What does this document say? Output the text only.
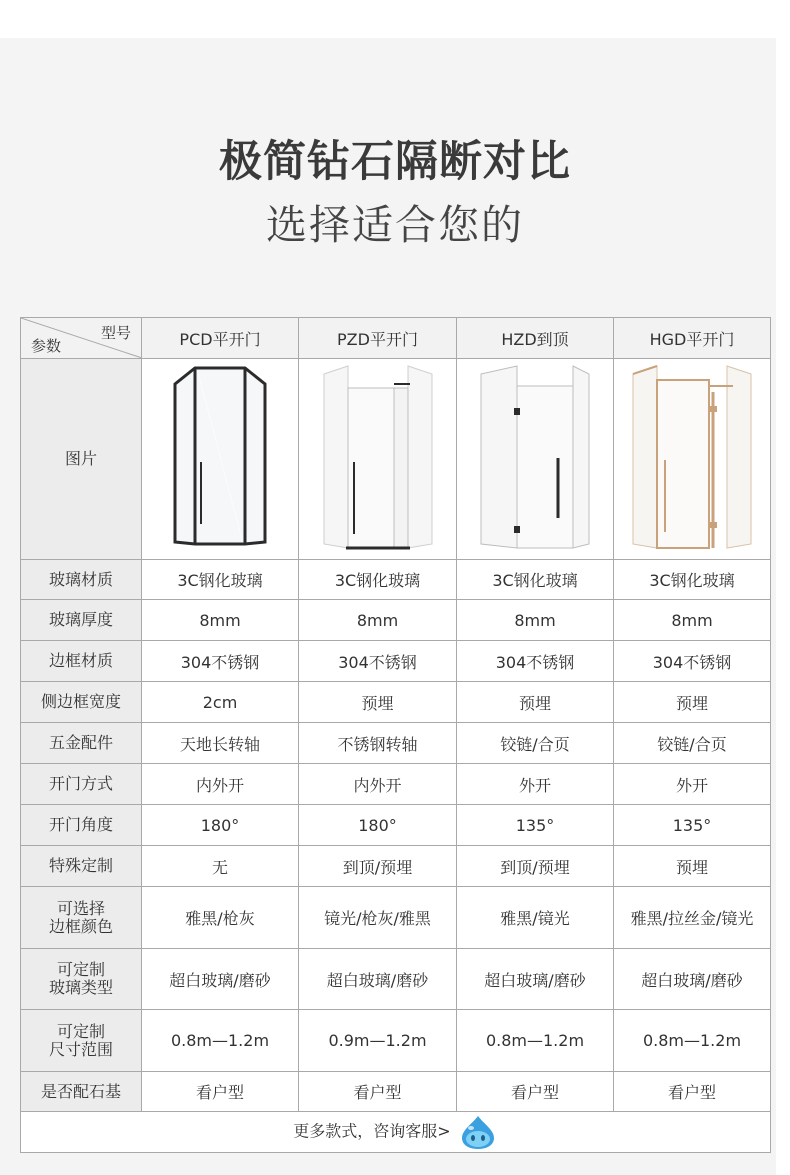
极简钻石隔断对比
选择适合您的
型号
参数	PCD平开门	PZD平开门	HZD到顶	HGD平开门
图片				
玻璃材质	3C钢化玻璃	3C钢化玻璃	3C钢化玻璃	3C钢化玻璃
玻璃厚度	8mm	8mm	8mm	8mm
边框材质	304不锈钢	304不锈钢	304不锈钢	304不锈钢
侧边框宽度	2cm	预埋	预埋	预埋
五金配件	天地长转轴	不锈钢转轴	铰链/合页	铰链/合页
开门方式	内外开	内外开	外开	外开
开门角度	180°	180°	135°	135°
特殊定制	无	到顶/预埋	到顶/预埋	预埋

可选择
边框颜色	雅黑/枪灰	镜光/枪灰/雅黑	雅黑/镜光	雅黑/拉丝金/镜光

可定制
玻璃类型	超白玻璃/磨砂	超白玻璃/磨砂	超白玻璃/磨砂	超白玻璃/磨砂

可定制
尺寸范围	0.8m—1.2m	0.9m—1.2m	0.8m—1.2m	0.8m—1.2m
是否配石基	看户型	看户型	看户型	看户型
更多款式，咨询客服>				
